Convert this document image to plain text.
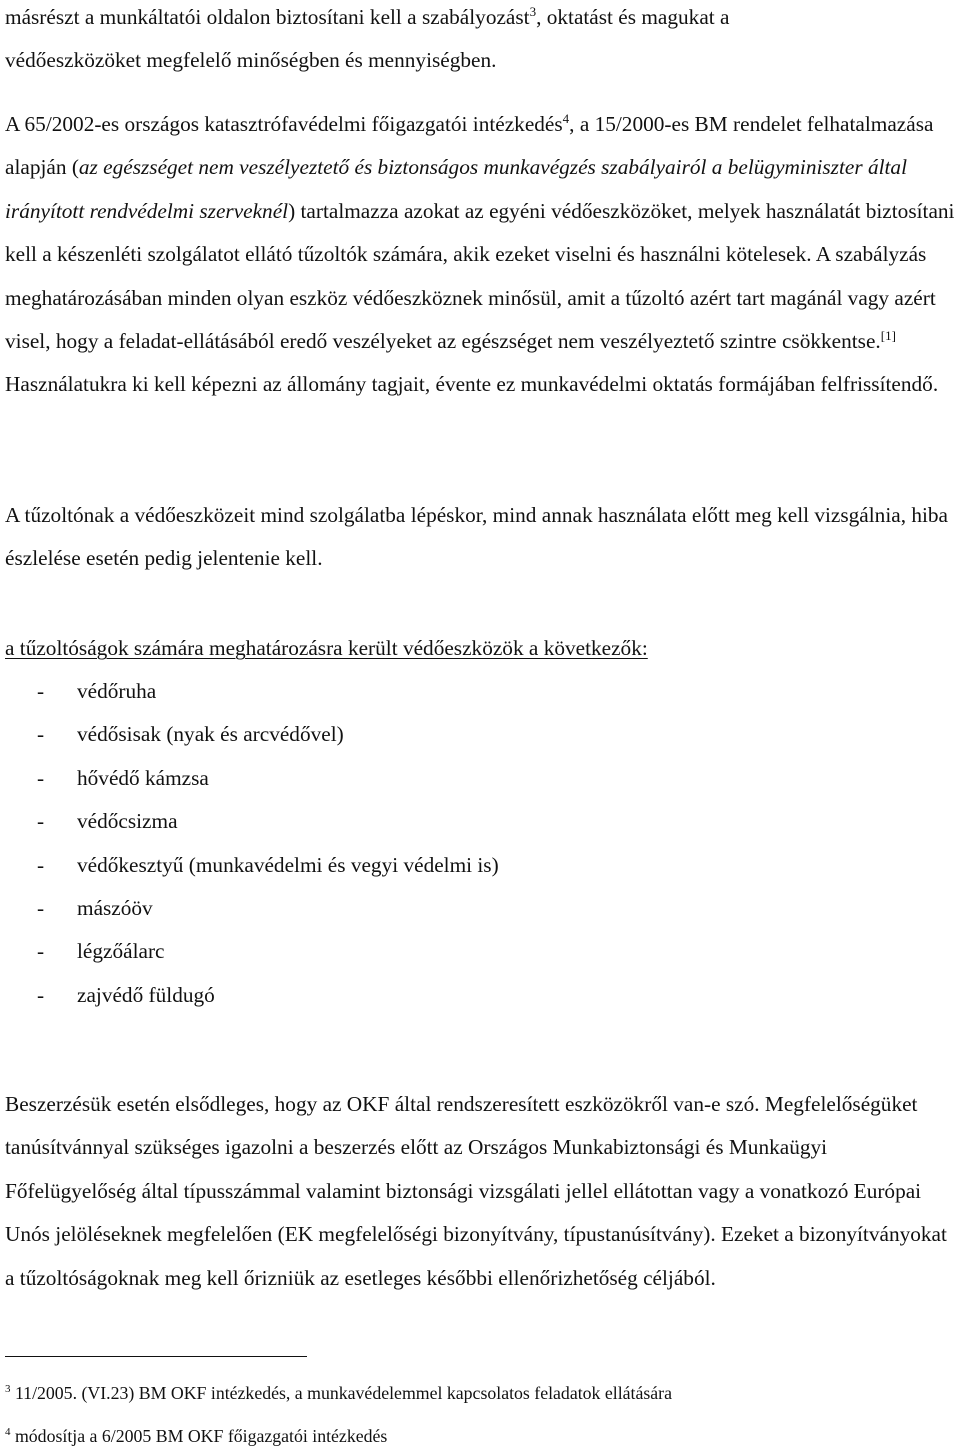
másrészt a munkáltatói oldalon biztosítani kell a szabályozást$^3$, oktatást és magukat a
védőeszközöket megfelelő minőségben és mennyiségben.

A 65/2002-es országos katasztrófavédelmi főigazgatói intézkedés$^4$, a 15/2000-es BM rendelet felhatalmazása alapján (az egészséget nem veszélyeztető és biztonságos munkavégzés szabályairól a belügyminiszter által irányított rendvédelmi szerveknél) tartalmazza azokat az egyéni védőeszközöket, melyek használatát biztosítani kell a készenléti szolgálatot ellátó tűzoltók számára, akik ezeket viselni és használni kötelesek. A szabályzás meghatározásában minden olyan eszköz védőeszköznek minősül, amit a tűzoltó azért tart magánál vagy azért visel, hogy a feladat-ellátásából eredő veszélyeket az egészséget nem veszélyeztető szintre csökkentse.[1] Használatukra ki kell képezni az állomány tagjait, évente ez munkavédelmi oktatás formájában felfrissítendő.

A tűzoltónak a védőeszközeit mind szolgálatba lépéskor, mind annak használata előtt meg kell vizsgálnia, hiba észlelése esetén pedig jelentenie kell.

a tűzoltóságok számára meghatározásra került védőeszközök a következők:

- védőruha
- védősisak (nyak és arcvédővel)
- hővédő kámzsa
- védőcsizma
- védőkesztyű (munkavédelmi és vegyi védelmi is)
- mászóöv
- légzőálarc
- zajvédő füldugó

Beszerzésük esetén elsődleges, hogy az OKF által rendszeresített eszközökről van-e szó. Megfelelőségüket tanúsítvánnyal szükséges igazolni a beszerzés előtt az Országos Munkabiztonsági és Munkaügyi Főfelügyelőség által típusszámmal valamint biztonsági vizsgálati jellel ellátottan vagy a vonatkozó Európai Unós jelöléseknek megfelelően (EK megfelelőségi bizonyítvány, típustanúsítvány). Ezeket a bizonyítványokat a tűzoltóságoknak meg kell őrizniük az esetleges későbbi ellenőrizhetőség céljából.

$^3$ 11/2005. (VI.23) BM OKF intézkedés, a munkavédelemmel kapcsolatos feladatok ellátására
$^4$ módosítja a 6/2005 BM OKF főigazgatói intézkedés
